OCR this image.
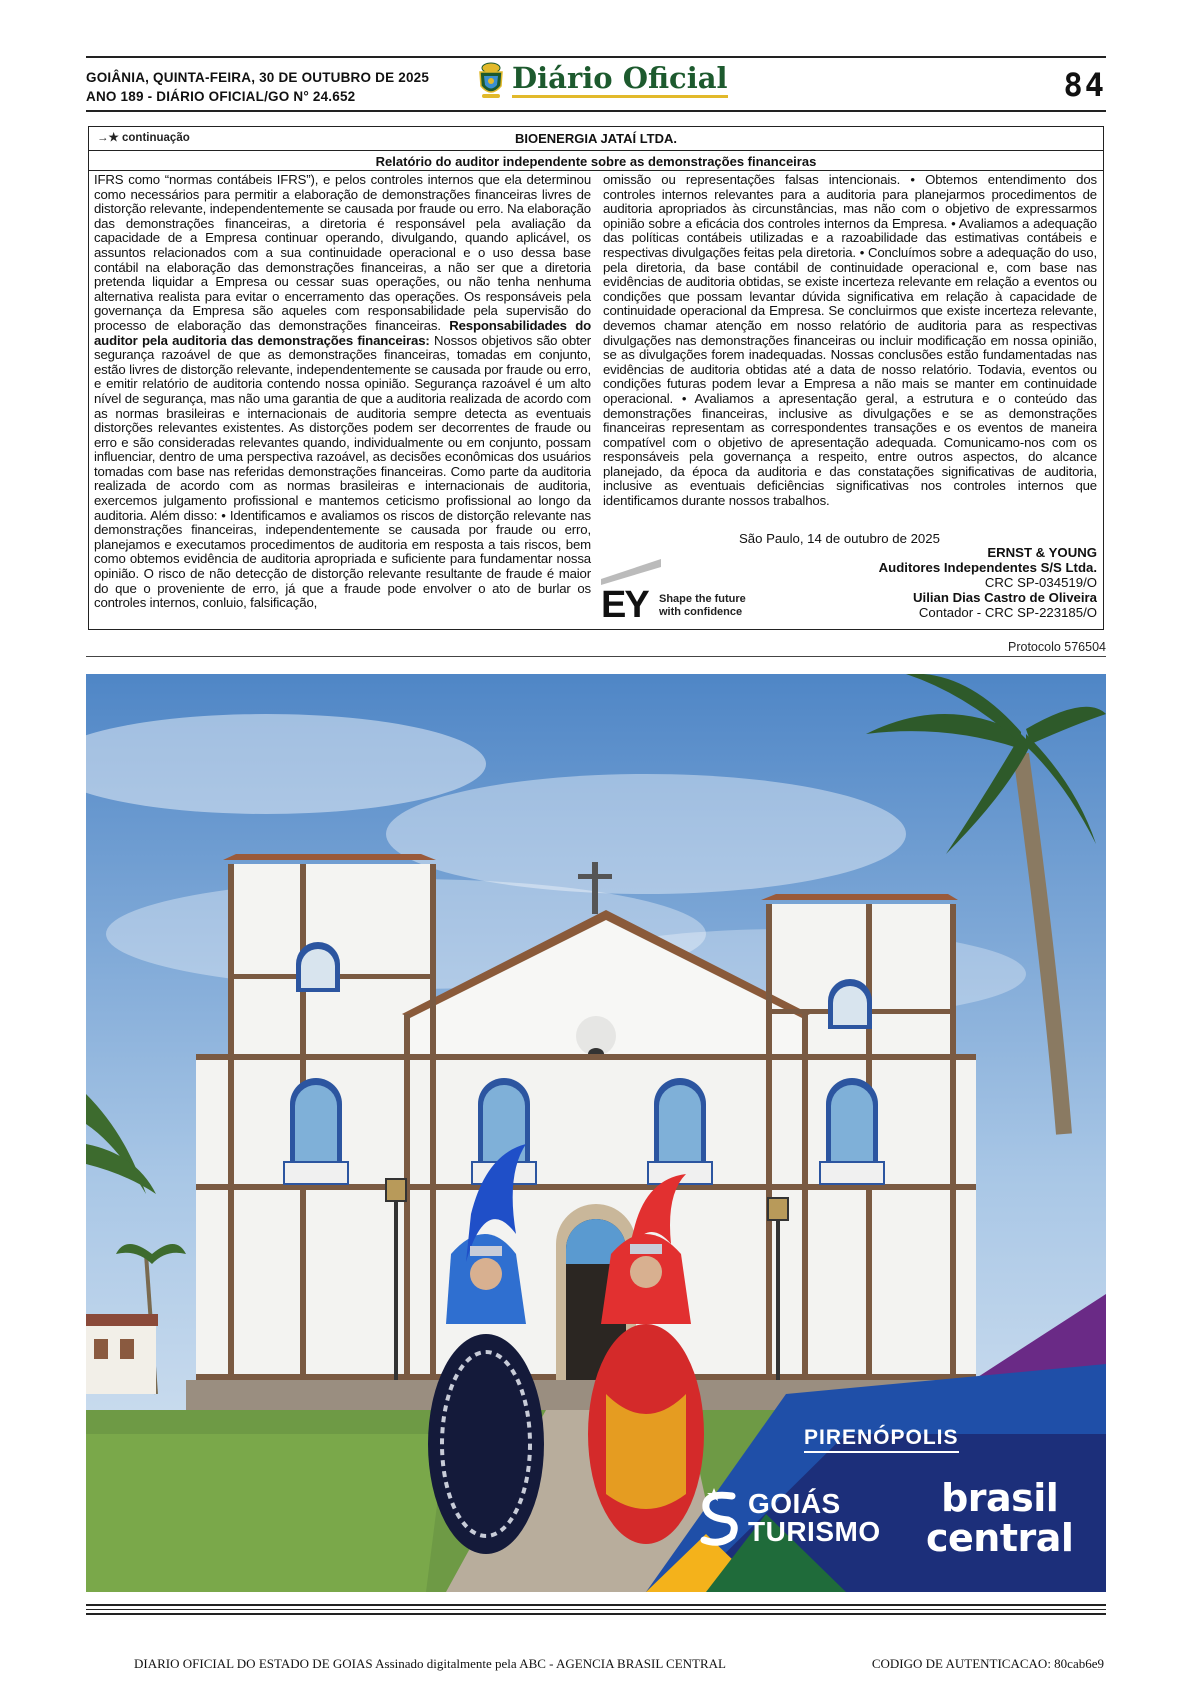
GOIÂNIA, QUINTA-FEIRA, 30 DE OUTUBRO DE 2025
ANO 189 - DIÁRIO OFICIAL/GO N° 24.652
Diário Oficial	84
→★ continuação	BIOENERGIA JATAÍ LTDA.
Relatório do auditor independente sobre as demonstrações financeiras
IFRS como “normas contábeis IFRS”), e pelos controles internos que ela determinou como necessários para permitir a elaboração de demonstrações financeiras livres de distorção relevante, independentemente se causada por fraude ou erro. Na elaboração das demonstrações financeiras, a diretoria é responsável pela avaliação da capacidade de a Empresa continuar operando, divulgando, quando aplicável, os assuntos relacionados com a sua continuidade operacional e o uso dessa base contábil na elaboração das demonstrações financeiras, a não ser que a diretoria pretenda liquidar a Empresa ou cessar suas operações, ou não tenha nenhuma alternativa realista para evitar o encerramento das operações. Os responsáveis pela governança da Empresa são aqueles com responsabilidade pela supervisão do processo de elaboração das demonstrações financeiras. Responsabilidades do auditor pela auditoria das demonstrações financeiras: Nossos objetivos são obter segurança razoável de que as demonstrações financeiras, tomadas em conjunto, estão livres de distorção relevante, independentemente se causada por fraude ou erro, e emitir relatório de auditoria contendo nossa opinião. Segurança razoável é um alto nível de segurança, mas não uma garantia de que a auditoria realizada de acordo com as normas brasileiras e internacionais de auditoria sempre detecta as eventuais distorções relevantes existentes. As distorções podem ser decorrentes de fraude ou erro e são consideradas relevantes quando, individualmente ou em conjunto, possam influenciar, dentro de uma perspectiva razoável, as decisões econômicas dos usuários tomadas com base nas referidas demonstrações financeiras. Como parte da auditoria realizada de acordo com as normas brasileiras e internacionais de auditoria, exercemos julgamento profissional e mantemos ceticismo profissional ao longo da auditoria. Além disso: • Identificamos e avaliamos os riscos de distorção relevante nas demonstrações financeiras, independentemente se causada por fraude ou erro, planejamos e executamos procedimentos de auditoria em resposta a tais riscos, bem como obtemos evidência de auditoria apropriada e suficiente para fundamentar nossa opinião. O risco de não detecção de distorção relevante resultante de fraude é maior do que o proveniente de erro, já que a fraude pode envolver o ato de burlar os controles internos, conluio, falsificação,
omissão ou representações falsas intencionais. • Obtemos entendimento dos controles internos relevantes para a auditoria para planejarmos procedimentos de auditoria apropriados às circunstâncias, mas não com o objetivo de expressarmos opinião sobre a eficácia dos controles internos da Empresa. • Avaliamos a adequação das políticas contábeis utilizadas e a razoabilidade das estimativas contábeis e respectivas divulgações feitas pela diretoria. • Concluímos sobre a adequação do uso, pela diretoria, da base contábil de continuidade operacional e, com base nas evidências de auditoria obtidas, se existe incerteza relevante em relação a eventos ou condições que possam levantar dúvida significativa em relação à capacidade de continuidade operacional da Empresa. Se concluirmos que existe incerteza relevante, devemos chamar atenção em nosso relatório de auditoria para as respectivas divulgações nas demonstrações financeiras ou incluir modificação em nossa opinião, se as divulgações forem inadequadas. Nossas conclusões estão fundamentadas nas evidências de auditoria obtidas até a data de nosso relatório. Todavia, eventos ou condições futuras podem levar a Empresa a não mais se manter em continuidade operacional. • Avaliamos a apresentação geral, a estrutura e o conteúdo das demonstrações financeiras, inclusive as divulgações e se as demonstrações financeiras representam as correspondentes transações e os eventos de maneira compatível com o objetivo de apresentação adequada. Comunicamo-nos com os responsáveis pela governança a respeito, entre outros aspectos, do alcance planejado, da época da auditoria e das constatações significativas de auditoria, inclusive as eventuais deficiências significativas nos controles internos que identificamos durante nossos trabalhos.
São Paulo, 14 de outubro de 2025
ERNST & YOUNG
Auditores Independentes S/S Ltda.
CRC SP-034519/O
Uilian Dias Castro de Oliveira
Contador - CRC SP-223185/O
EY Shape the future
with confidence
Protocolo 576504
PIRENÓPOLIS
GOIÁS
TURISMO
brasil
central
DIARIO OFICIAL DO ESTADO DE GOIAS Assinado digitalmente pela ABC - AGENCIA BRASIL CENTRAL	CODIGO DE AUTENTICACAO: 80cab6e9
